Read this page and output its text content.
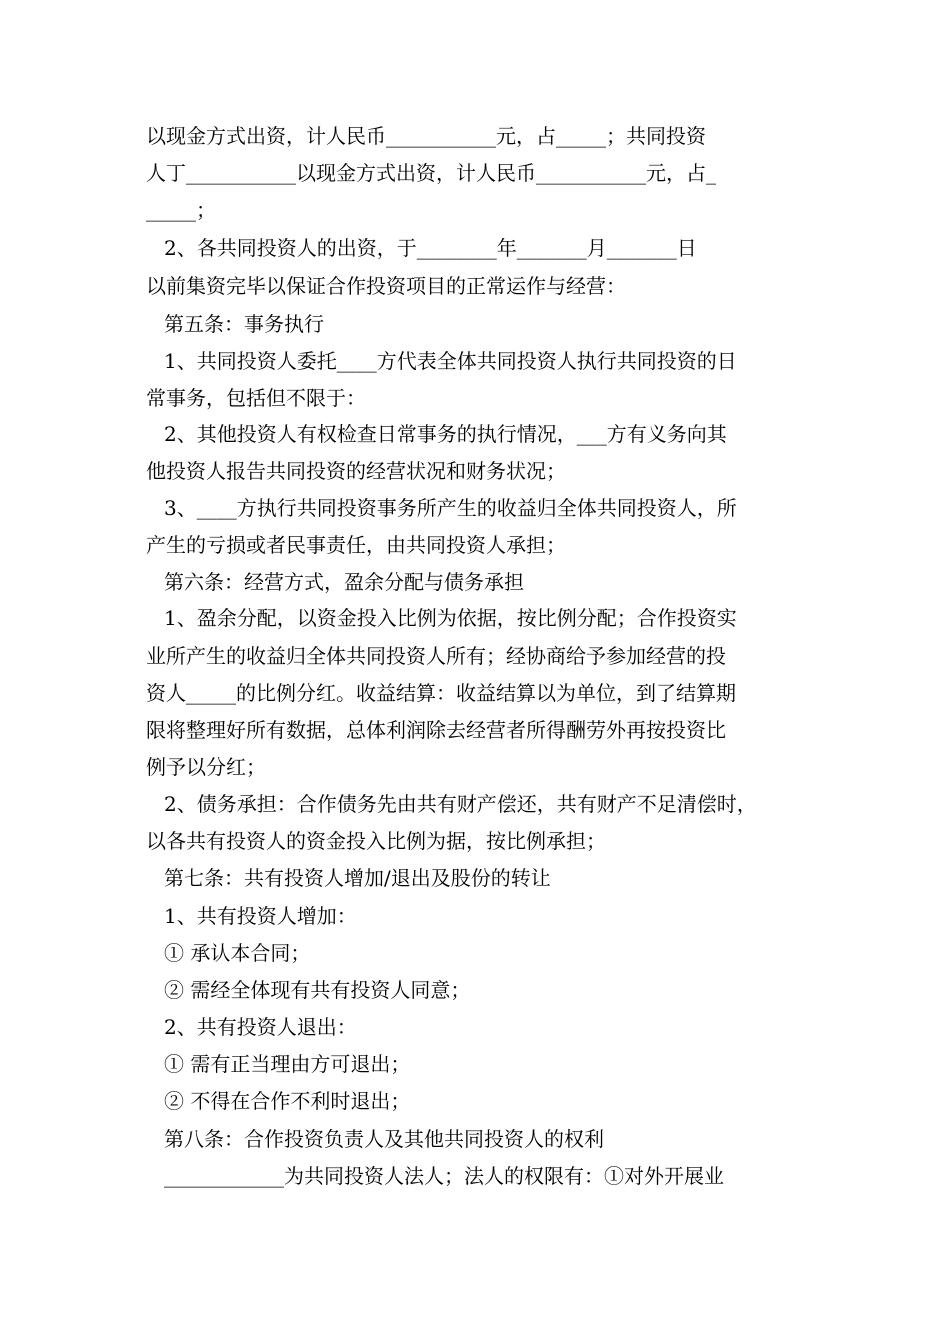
以现金方式出资，计人民币___________元，占_____；共同投资
人丁___________以现金方式出资，计人民币___________元，占_
_____；
2、各共同投资人的出资，于________年_______月_______日
以前集资完毕以保证合作投资项目的正常运作与经营：
第五条：事务执行
1、共同投资人委托____方代表全体共同投资人执行共同投资的日
常事务，包括但不限于：
2、其他投资人有权检查日常事务的执行情况，___方有义务向其
他投资人报告共同投资的经营状况和财务状况；
3、____方执行共同投资事务所产生的收益归全体共同投资人，所
产生的亏损或者民事责任，由共同投资人承担；
第六条：经营方式，盈余分配与债务承担
1、盈余分配，以资金投入比例为依据，按比例分配；合作投资实
业所产生的收益归全体共同投资人所有；经协商给予参加经营的投
资人_____的比例分红。收益结算：收益结算以为单位，到了结算期
限将整理好所有数据，总体利润除去经营者所得酬劳外再按投资比
例予以分红；
2、债务承担：合作债务先由共有财产偿还，共有财产不足清偿时，
以各共有投资人的资金投入比例为据，按比例承担；
第七条：共有投资人增加/退出及股份的转让
1、共有投资人增加：
① 承认本合同；
② 需经全体现有共有投资人同意；
2、共有投资人退出：
① 需有正当理由方可退出；
② 不得在合作不利时退出；
第八条：合作投资负责人及其他共同投资人的权利
____________为共同投资人法人；法人的权限有：①对外开展业
